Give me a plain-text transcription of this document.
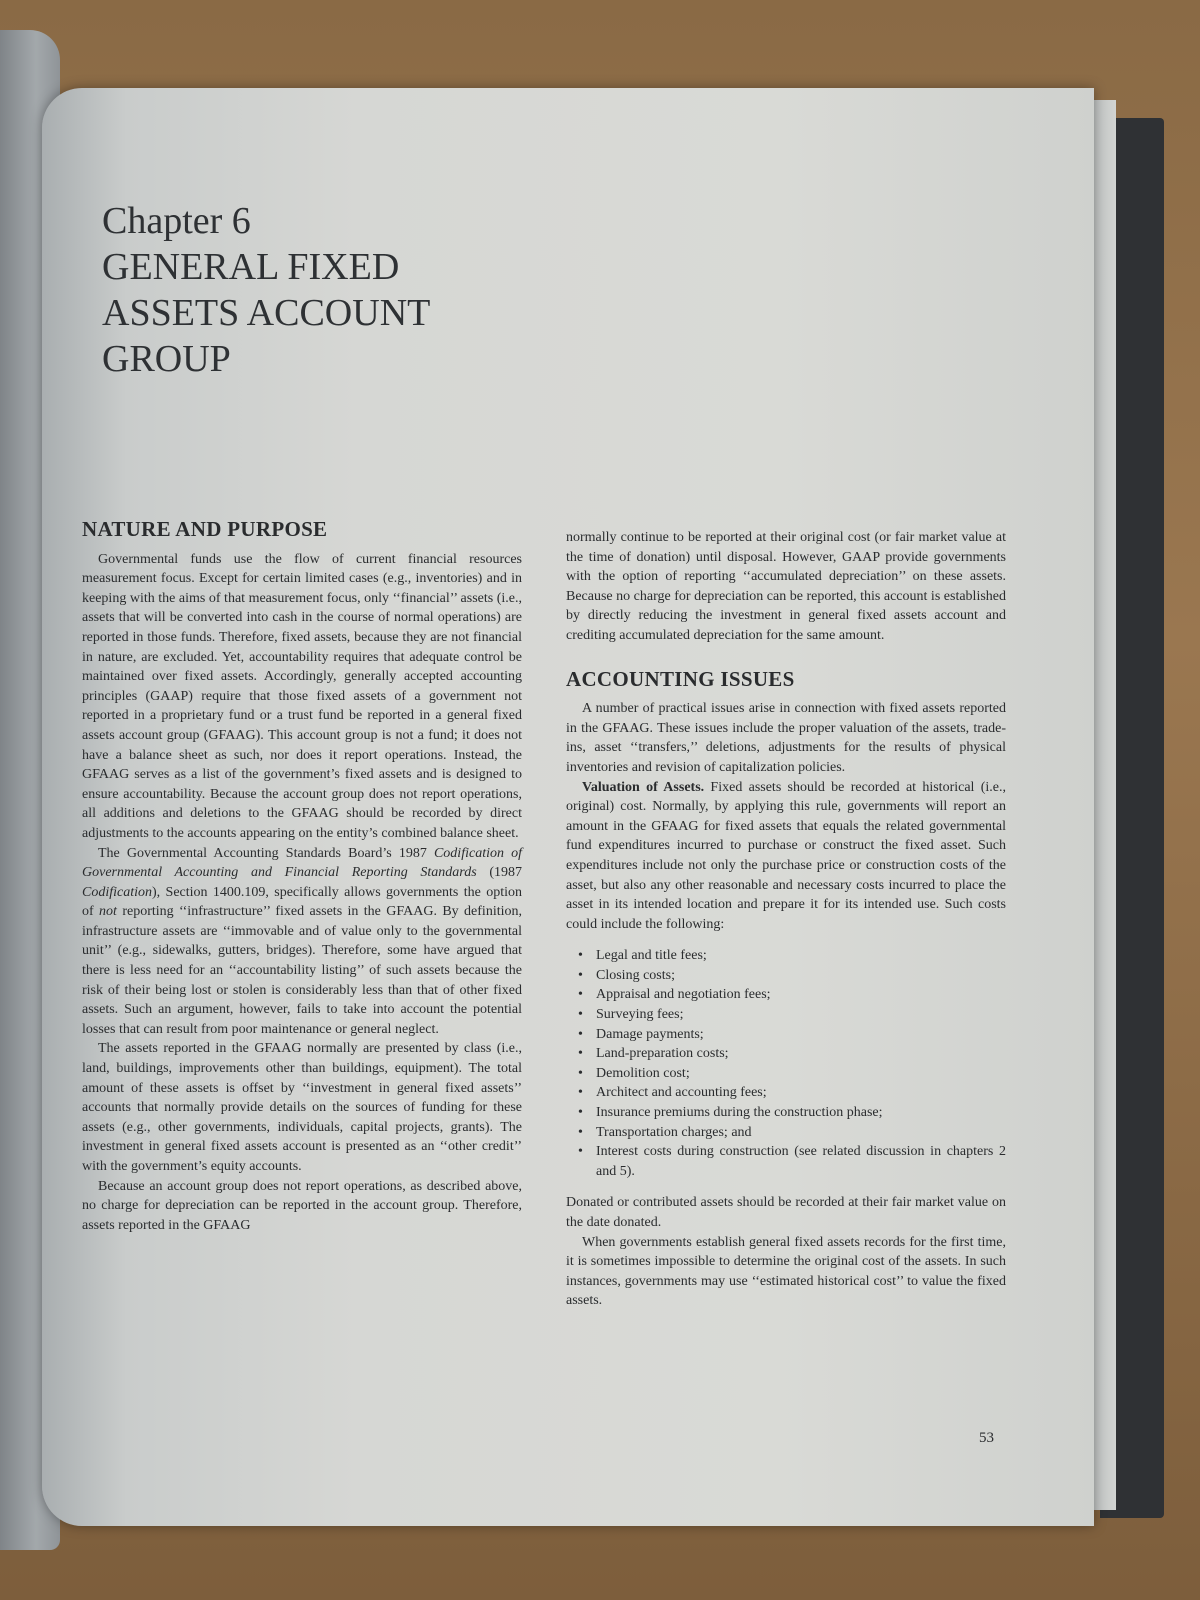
Chapter 6
GENERAL FIXED
ASSETS ACCOUNT
GROUP
NATURE AND PURPOSE

Governmental funds use the flow of current financial resources measurement focus. Except for certain limited cases (e.g., inventories) and in keeping with the aims of that measurement focus, only ‘‘financial’’ assets (i.e., assets that will be converted into cash in the course of normal operations) are reported in those funds. Therefore, fixed assets, because they are not financial in nature, are excluded. Yet, accountability requires that adequate control be maintained over fixed assets. Accordingly, generally accepted accounting principles (GAAP) require that those fixed assets of a government not reported in a proprietary fund or a trust fund be reported in a general fixed assets account group (GFAAG). This account group is not a fund; it does not have a balance sheet as such, nor does it report operations. Instead, the GFAAG serves as a list of the government’s fixed assets and is designed to ensure accountability. Because the account group does not report operations, all additions and deletions to the GFAAG should be recorded by direct adjustments to the accounts appearing on the entity’s combined balance sheet.

The Governmental Accounting Standards Board’s 1987 Codification of Governmental Accounting and Financial Reporting Standards (1987 Codification), Section 1400.109, specifically allows governments the option of not reporting ‘‘infrastructure’’ fixed assets in the GFAAG. By definition, infrastructure assets are ‘‘immovable and of value only to the governmental unit’’ (e.g., sidewalks, gutters, bridges). Therefore, some have argued that there is less need for an ‘‘accountability listing’’ of such assets because the risk of their being lost or stolen is considerably less than that of other fixed assets. Such an argument, however, fails to take into account the potential losses that can result from poor maintenance or general neglect.

The assets reported in the GFAAG normally are presented by class (i.e., land, buildings, improvements other than buildings, equipment). The total amount of these assets is offset by ‘‘investment in general fixed assets’’ accounts that normally provide details on the sources of funding for these assets (e.g., other governments, individuals, capital projects, grants). The investment in general fixed assets account is presented as an ‘‘other credit’’ with the government’s equity accounts.

Because an account group does not report operations, as described above, no charge for depreciation can be reported in the account group. Therefore, assets reported in the GFAAG

normally continue to be reported at their original cost (or fair market value at the time of donation) until disposal. However, GAAP provide governments with the option of reporting ‘‘accumulated depreciation’’ on these assets. Because no charge for depreciation can be reported, this account is established by directly reducing the investment in general fixed assets account and crediting accumulated depreciation for the same amount.

ACCOUNTING ISSUES

A number of practical issues arise in connection with fixed assets reported in the GFAAG. These issues include the proper valuation of the assets, trade-ins, asset ‘‘transfers,’’ deletions, adjustments for the results of physical inventories and revision of capitalization policies.

Valuation of Assets. Fixed assets should be recorded at historical (i.e., original) cost. Normally, by applying this rule, governments will report an amount in the GFAAG for fixed assets that equals the related governmental fund expenditures incurred to purchase or construct the fixed asset. Such expenditures include not only the purchase price or construction costs of the asset, but also any other reasonable and necessary costs incurred to place the asset in its intended location and prepare it for its intended use. Such costs could include the following:

• Legal and title fees;
• Closing costs;
• Appraisal and negotiation fees;
• Surveying fees;
• Damage payments;
• Land-preparation costs;
• Demolition cost;
• Architect and accounting fees;
• Insurance premiums during the construction phase;
• Transportation charges; and
• Interest costs during construction (see related discussion in chapters 2 and 5).

Donated or contributed assets should be recorded at their fair market value on the date donated.

When governments establish general fixed assets records for the first time, it is sometimes impossible to determine the original cost of the assets. In such instances, governments may use ‘‘estimated historical cost’’ to value the fixed assets.

53
